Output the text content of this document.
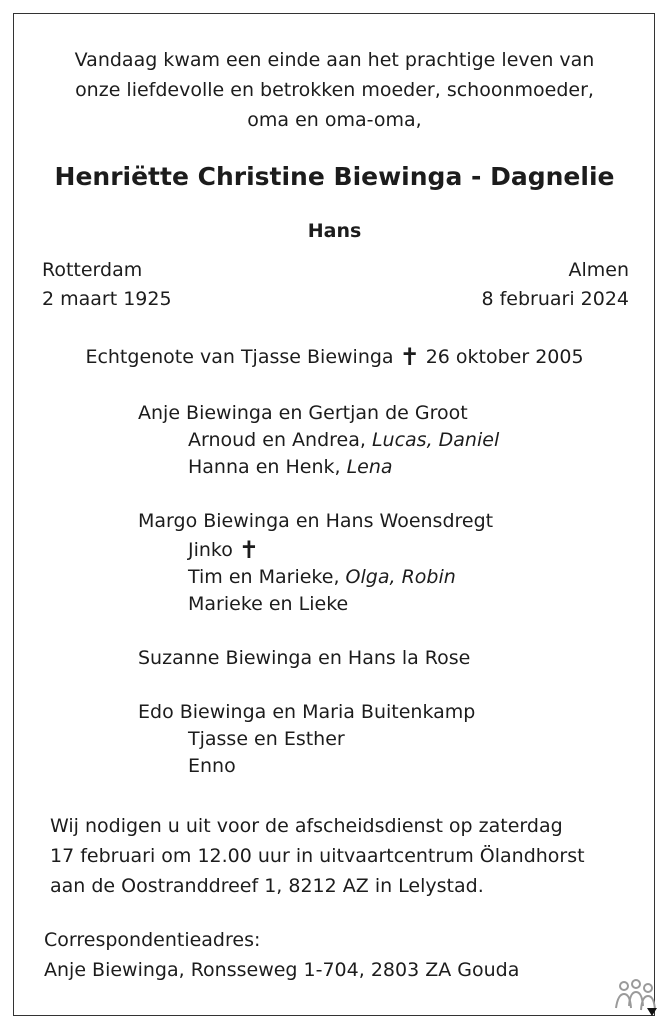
Vandaag kwam een einde aan het prachtige leven van
onze liefdevolle en betrokken moeder, schoonmoeder,
oma en oma-oma,
Henriëtte Christine Biewinga - Dagnelie
Hans
Rotterdam
2 maart 1925
Almen
8 februari 2024
Echtgenote van Tjasse Biewinga ✝ 26 oktober 2005
Anje Biewinga en Gertjan de Groot
Arnoud en Andrea, Lucas, Daniel
Hanna en Henk, Lena
Margo Biewinga en Hans Woensdregt
Jinko ✝
Tim en Marieke, Olga, Robin
Marieke en Lieke
Suzanne Biewinga en Hans la Rose
Edo Biewinga en Maria Buitenkamp
Tjasse en Esther
Enno
Wij nodigen u uit voor de afscheidsdienst op zaterdag
17 februari om 12.00 uur in uitvaartcentrum Ölandhorst
aan de Oostranddreef 1, 8212 AZ in Lelystad.
Correspondentieadres:
Anje Biewinga, Ronsseweg 1-704, 2803 ZA Gouda
